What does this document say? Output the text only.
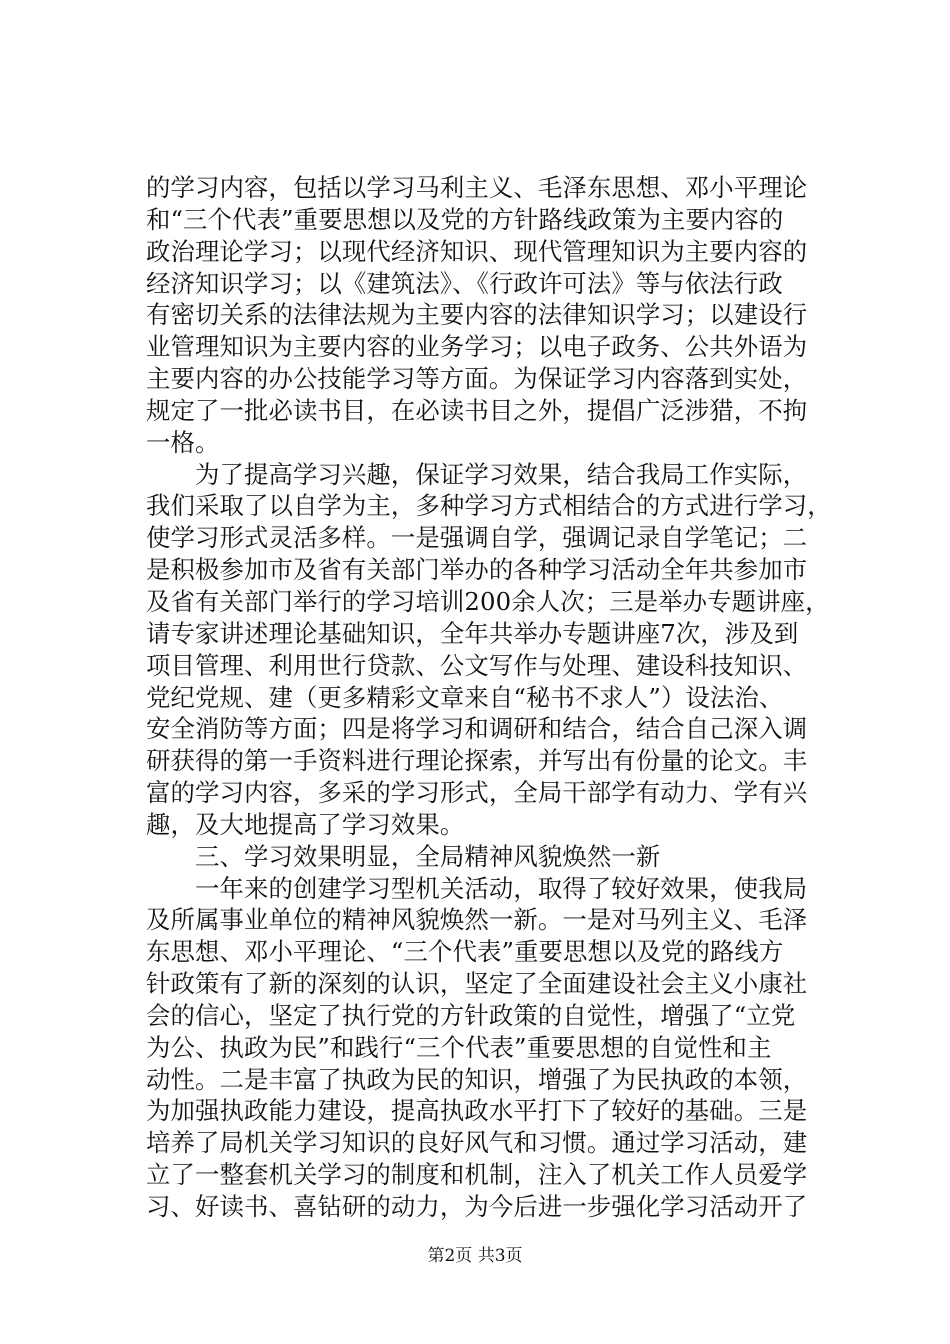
的学习内容，包括以学习马利主义、毛泽东思想、邓小平理论
和“三个代表”重要思想以及党的方针路线政策为主要内容的
政治理论学习；以现代经济知识、现代管理知识为主要内容的
经济知识学习；以《建筑法》、《行政许可法》等与依法行政
有密切关系的法律法规为主要内容的法律知识学习；以建设行
业管理知识为主要内容的业务学习；以电子政务、公共外语为
主要内容的办公技能学习等方面。为保证学习内容落到实处，
规定了一批必读书目，在必读书目之外，提倡广泛涉猎，不拘
一格。
　　为了提高学习兴趣，保证学习效果，结合我局工作实际，
我们采取了以自学为主，多种学习方式相结合的方式进行学习，
使学习形式灵活多样。一是强调自学，强调记录自学笔记；二
是积极参加市及省有关部门举办的各种学习活动全年共参加市
及省有关部门举行的学习培训200余人次；三是举办专题讲座，
请专家讲述理论基础知识，全年共举办专题讲座7次，涉及到
项目管理、利用世行贷款、公文写作与处理、建设科技知识、
党纪党规、建（更多精彩文章来自“秘书不求人”）设法治、
安全消防等方面；四是将学习和调研和结合，结合自己深入调
研获得的第一手资料进行理论探索，并写出有份量的论文。丰
富的学习内容，多采的学习形式，全局干部学有动力、学有兴
趣，及大地提高了学习效果。
　　三、学习效果明显，全局精神风貌焕然一新
　　一年来的创建学习型机关活动，取得了较好效果，使我局
及所属事业单位的精神风貌焕然一新。一是对马列主义、毛泽
东思想、邓小平理论、“三个代表”重要思想以及党的路线方
针政策有了新的深刻的认识，坚定了全面建设社会主义小康社
会的信心，坚定了执行党的方针政策的自觉性，增强了“立党
为公、执政为民”和践行“三个代表”重要思想的自觉性和主
动性。二是丰富了执政为民的知识，增强了为民执政的本领，
为加强执政能力建设，提高执政水平打下了较好的基础。三是
培养了局机关学习知识的良好风气和习惯。通过学习活动，建
立了一整套机关学习的制度和机制，注入了机关工作人员爱学
习、好读书、喜钻研的动力，为今后进一步强化学习活动开了
第2页 共3页
